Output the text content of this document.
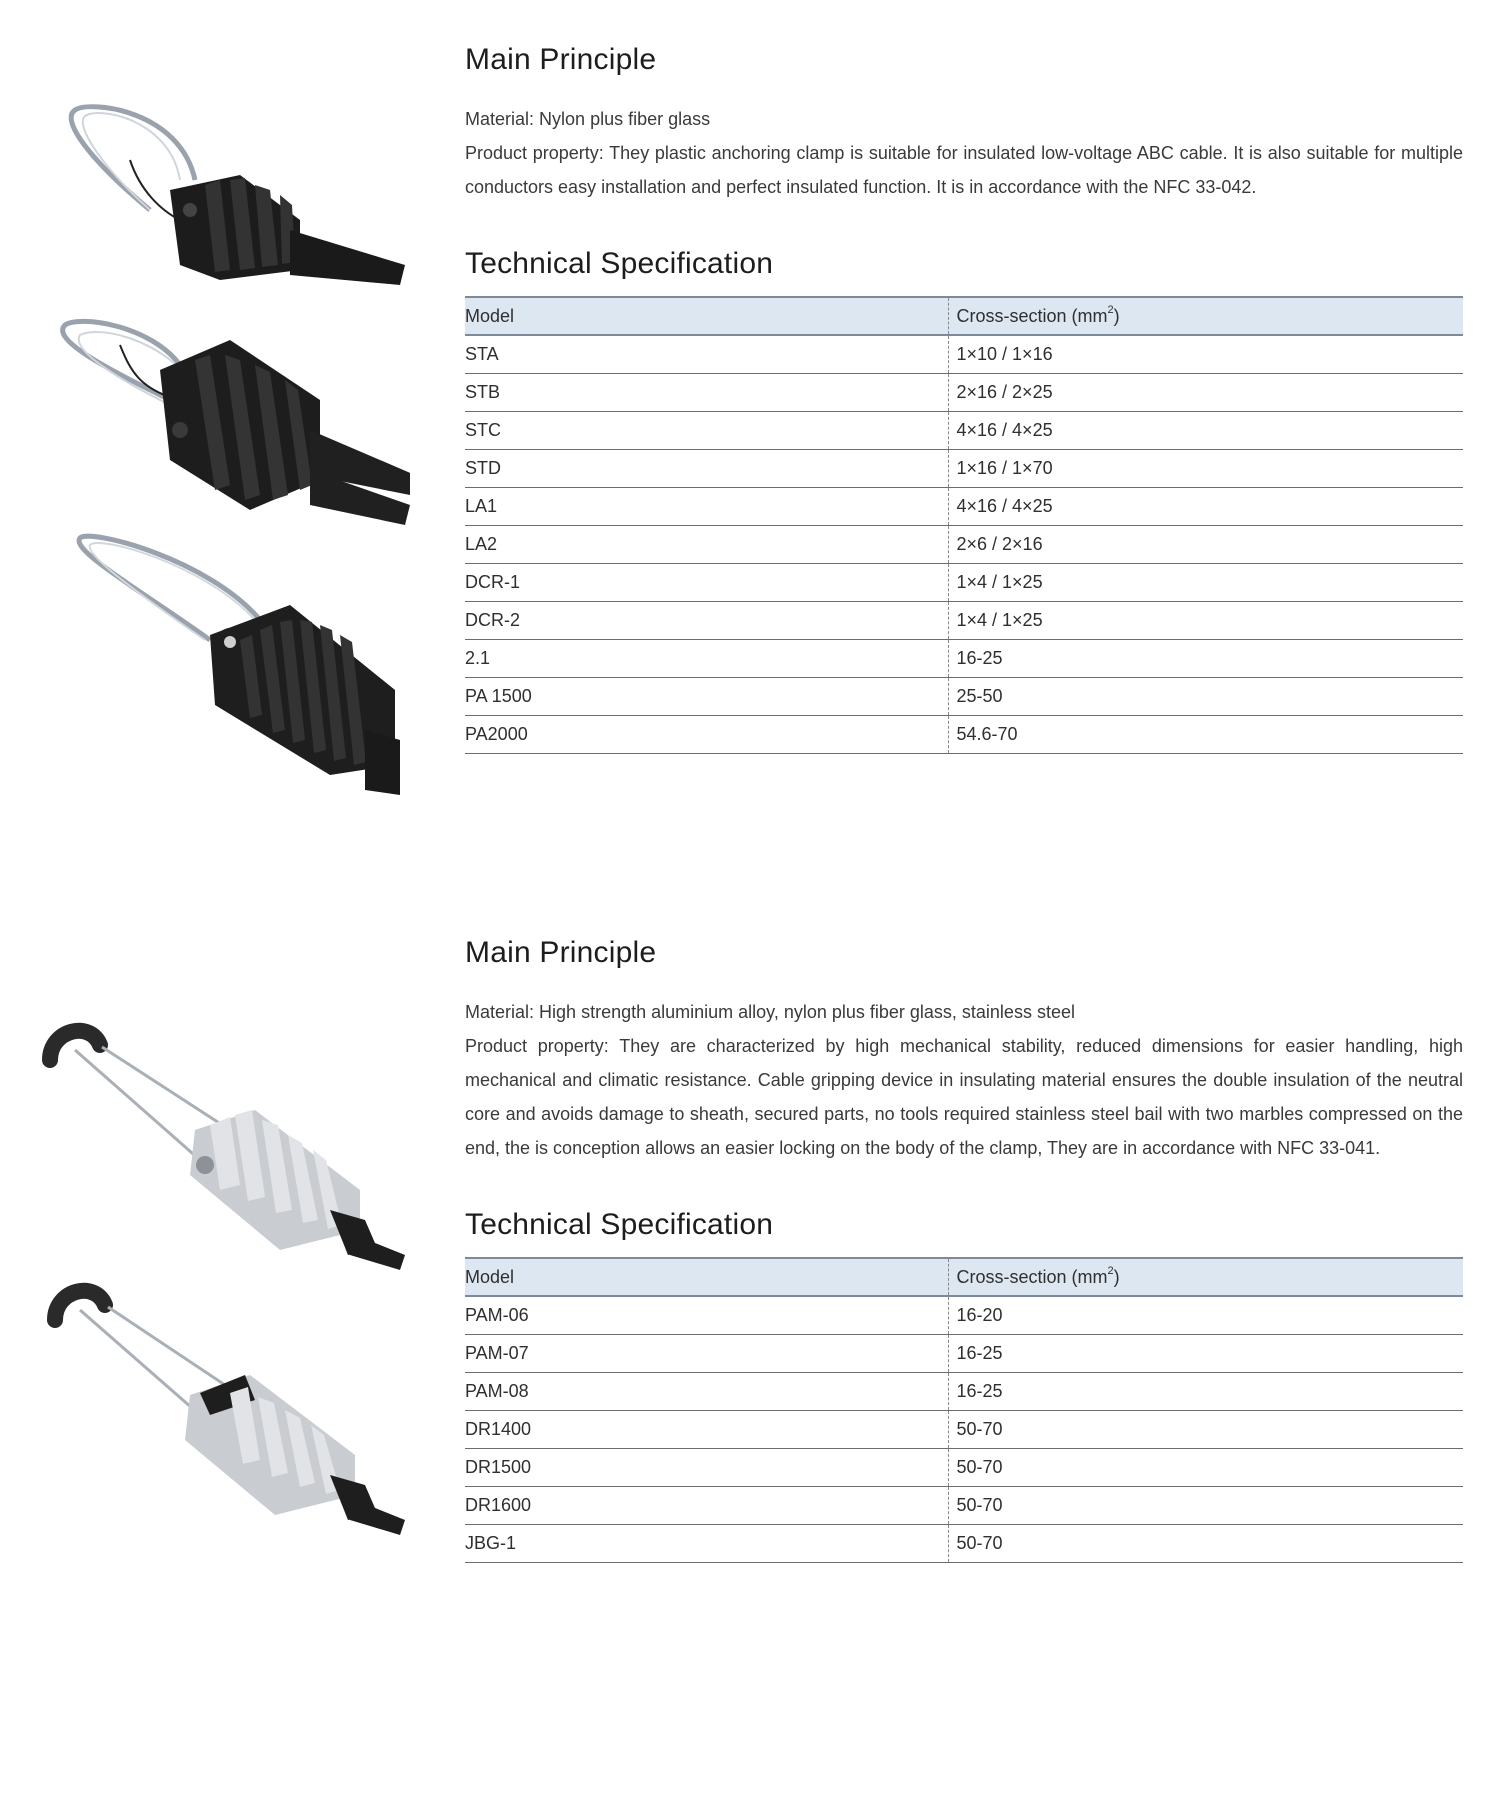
Main Principle

Material: Nylon plus fiber glass

Product property: They plastic anchoring clamp is suitable for insulated low-voltage ABC cable. It is also suitable for multiple conductors easy installation and perfect insulated function. It is in accordance with the NFC 33-042.

Technical Specification
Model	Cross-section $(mm^2)$
STA	1×10 / 1×16
STB	2×16 / 2×25
STC	4×16 / 4×25
STD	1×16 / 1×70
LA1	4×16 / 4×25
LA2	2×6 / 2×16
DCR-1	1×4 / 1×25
DCR-2	1×4 / 1×25
2.1	16-25
PA 1500	25-50
PA2000	54.6-70
Main Principle

Material: High strength aluminium alloy, nylon plus fiber glass, stainless steel

Product property: They are characterized by high mechanical stability, reduced dimensions for easier handling, high mechanical and climatic resistance. Cable gripping device in insulating material ensures the double insulation of the neutral core and avoids damage to sheath, secured parts, no tools required stainless steel bail with two marbles compressed on the end, the is conception allows an easier locking on the body of the clamp, They are in accordance with NFC 33-041.

Technical Specification
Model	Cross-section $(mm^2)$
PAM-06	16-20
PAM-07	16-25
PAM-08	16-25
DR1400	50-70
DR1500	50-70
DR1600	50-70
JBG-1	50-70
